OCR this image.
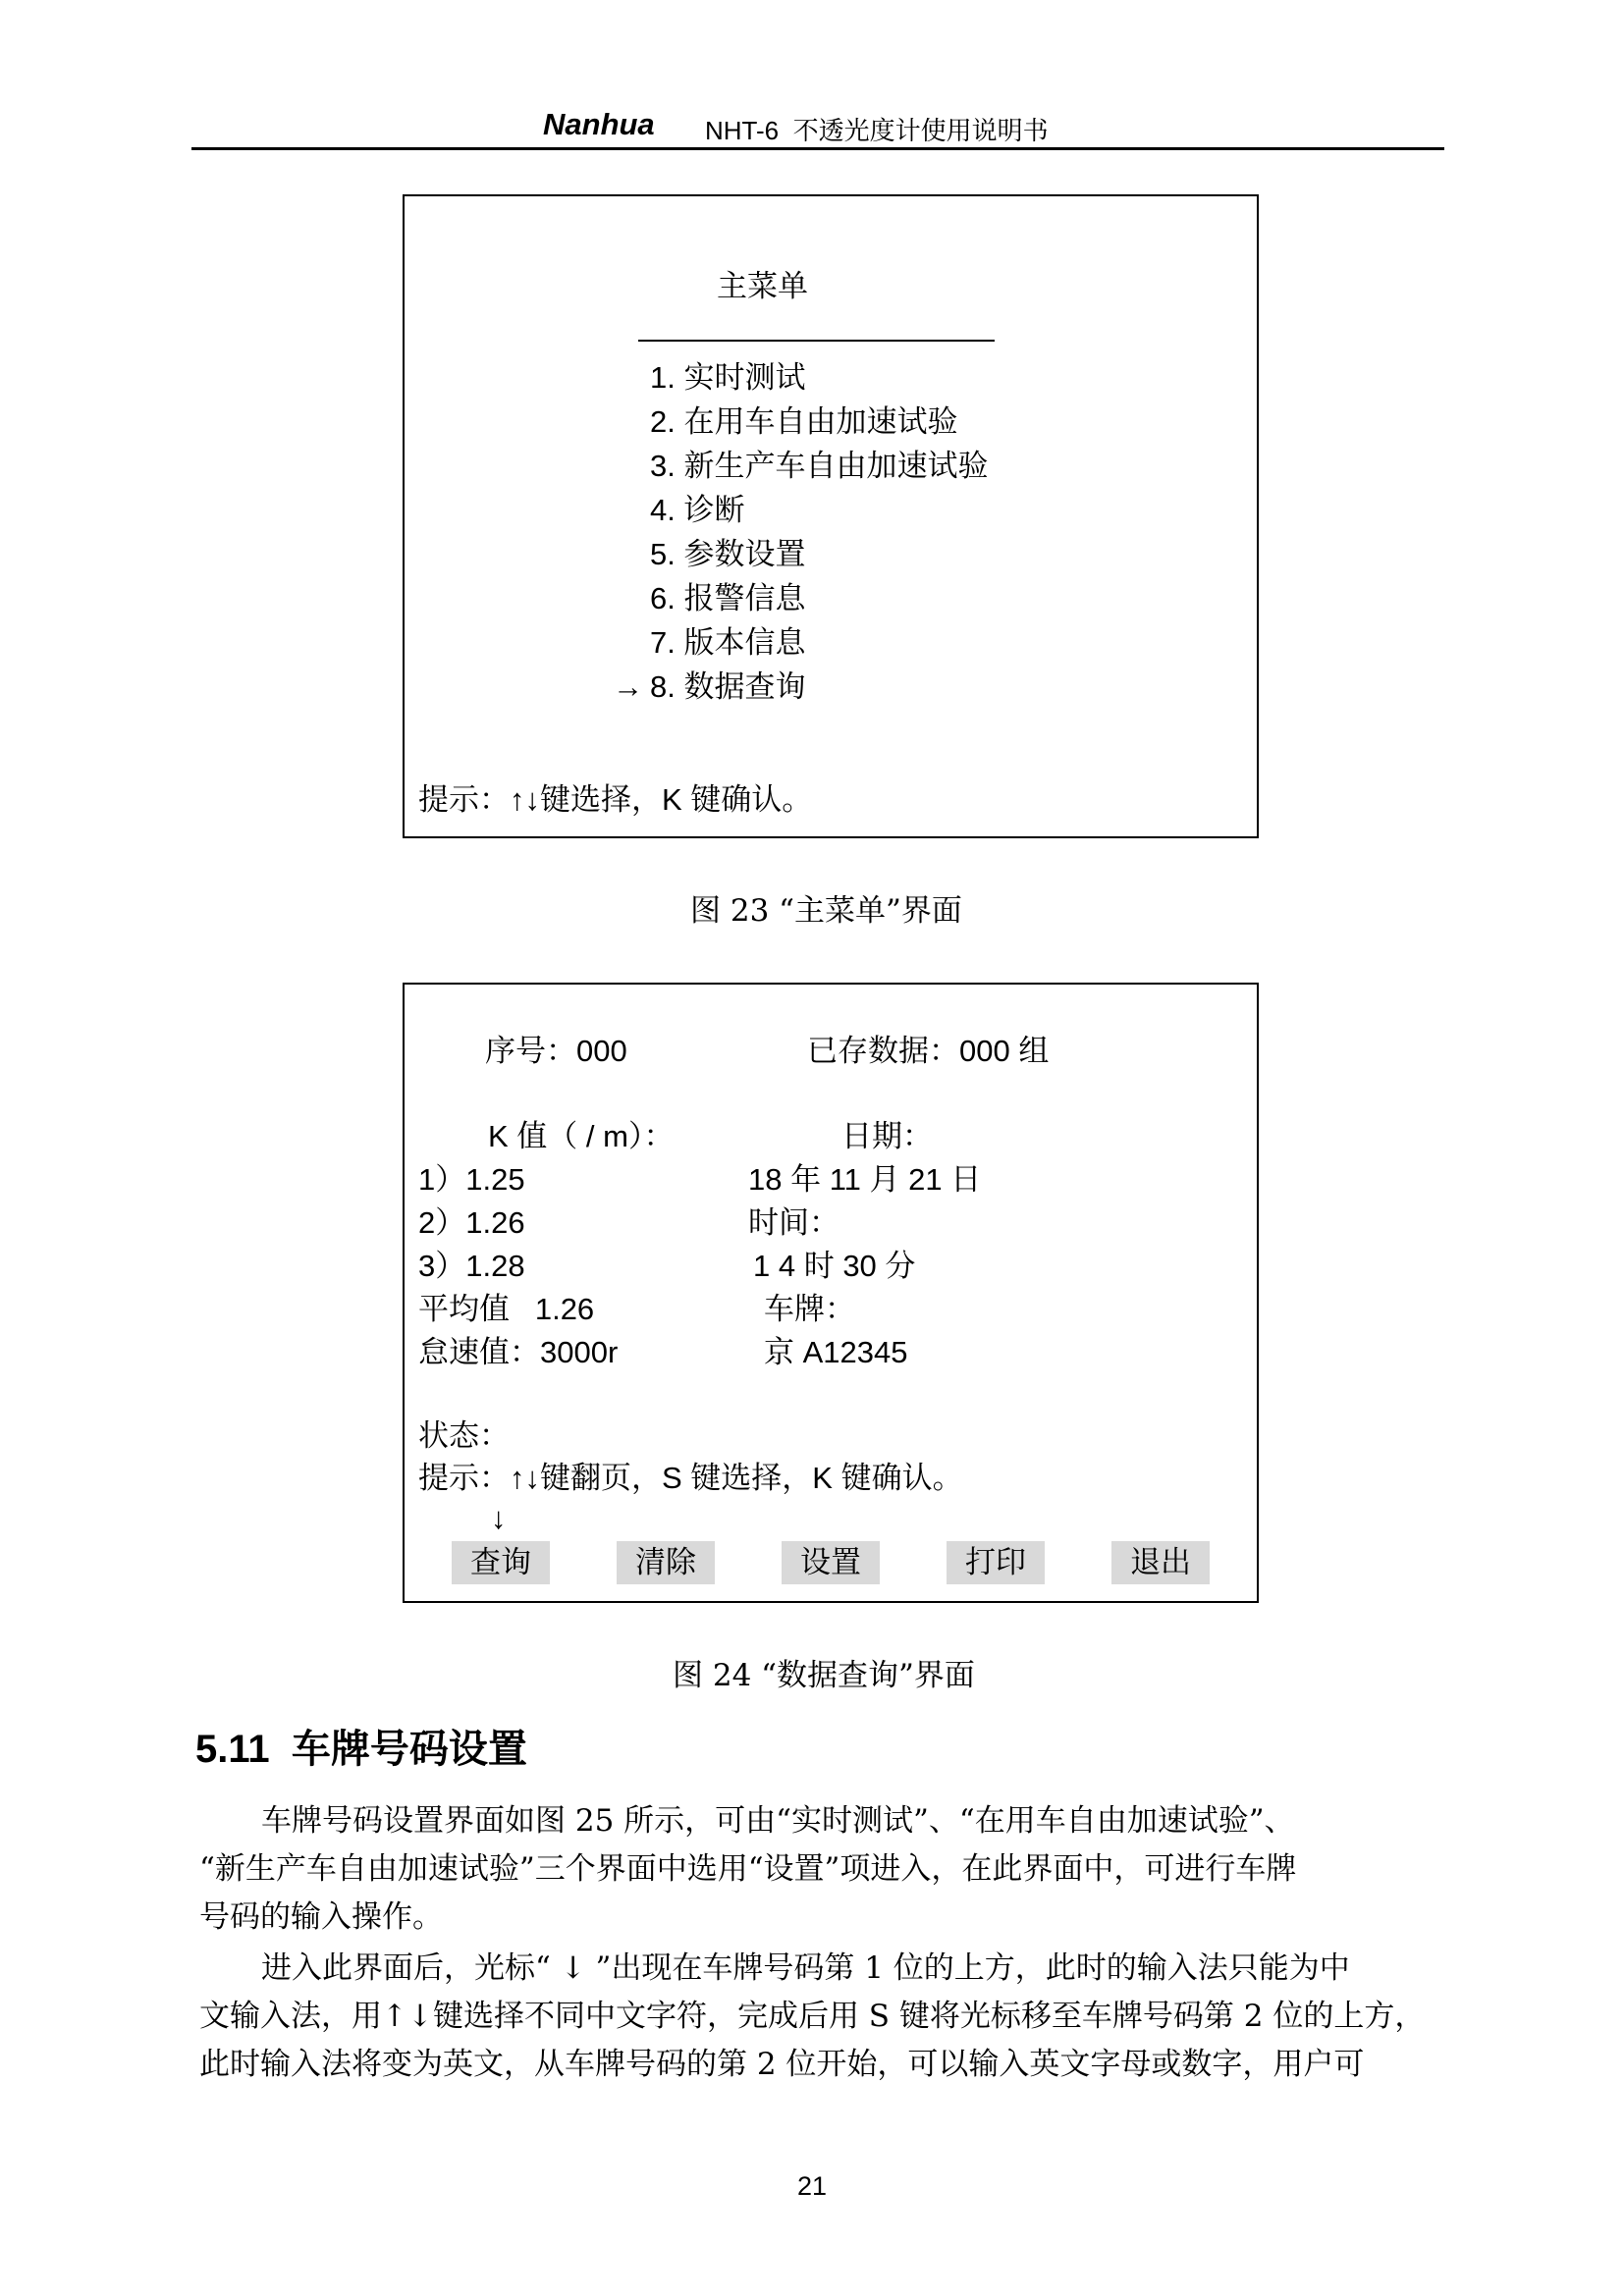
Nanhua NHT-6  不透光度计使用说明书
主菜单
1. 实时测试
2. 在用车自由加速试验
3. 新生产车自由加速试验
4. 诊断
5. 参数设置
6. 报警信息
7. 版本信息
→ 8. 数据查询
提示：↑↓键选择，K 键确认。
图 23 “主菜单”界面
序号：000	已存数据：000 组
K 值（ / m）：	日期：
1）1.25	18 年 11 月 21 日
2）1.26	时间：
3）1.28	1 4 时 30 分
平均值   1.26	车牌：
怠速值：3000r	京 A12345
状态：
提示：↑↓键翻页，S 键选择，K 键确认。
↓
查询	清除	设置	打印	退出
图 24 “数据查询”界面
5.11  车牌号码设置
车牌号码设置界面如图 25 所示，可由“实时测试”、“在用车自由加速试验”、
“新生产车自由加速试验”三个界面中选用“设置”项进入，在此界面中，可进行车牌
号码的输入操作。
进入此界面后，光标“ ↓ ”出现在车牌号码第 1 位的上方，此时的输入法只能为中
文输入法，用↑↓键选择不同中文字符，完成后用 S 键将光标移至车牌号码第 2 位的上方，
此时输入法将变为英文，从车牌号码的第 2 位开始，可以输入英文字母或数字，用户可
21
